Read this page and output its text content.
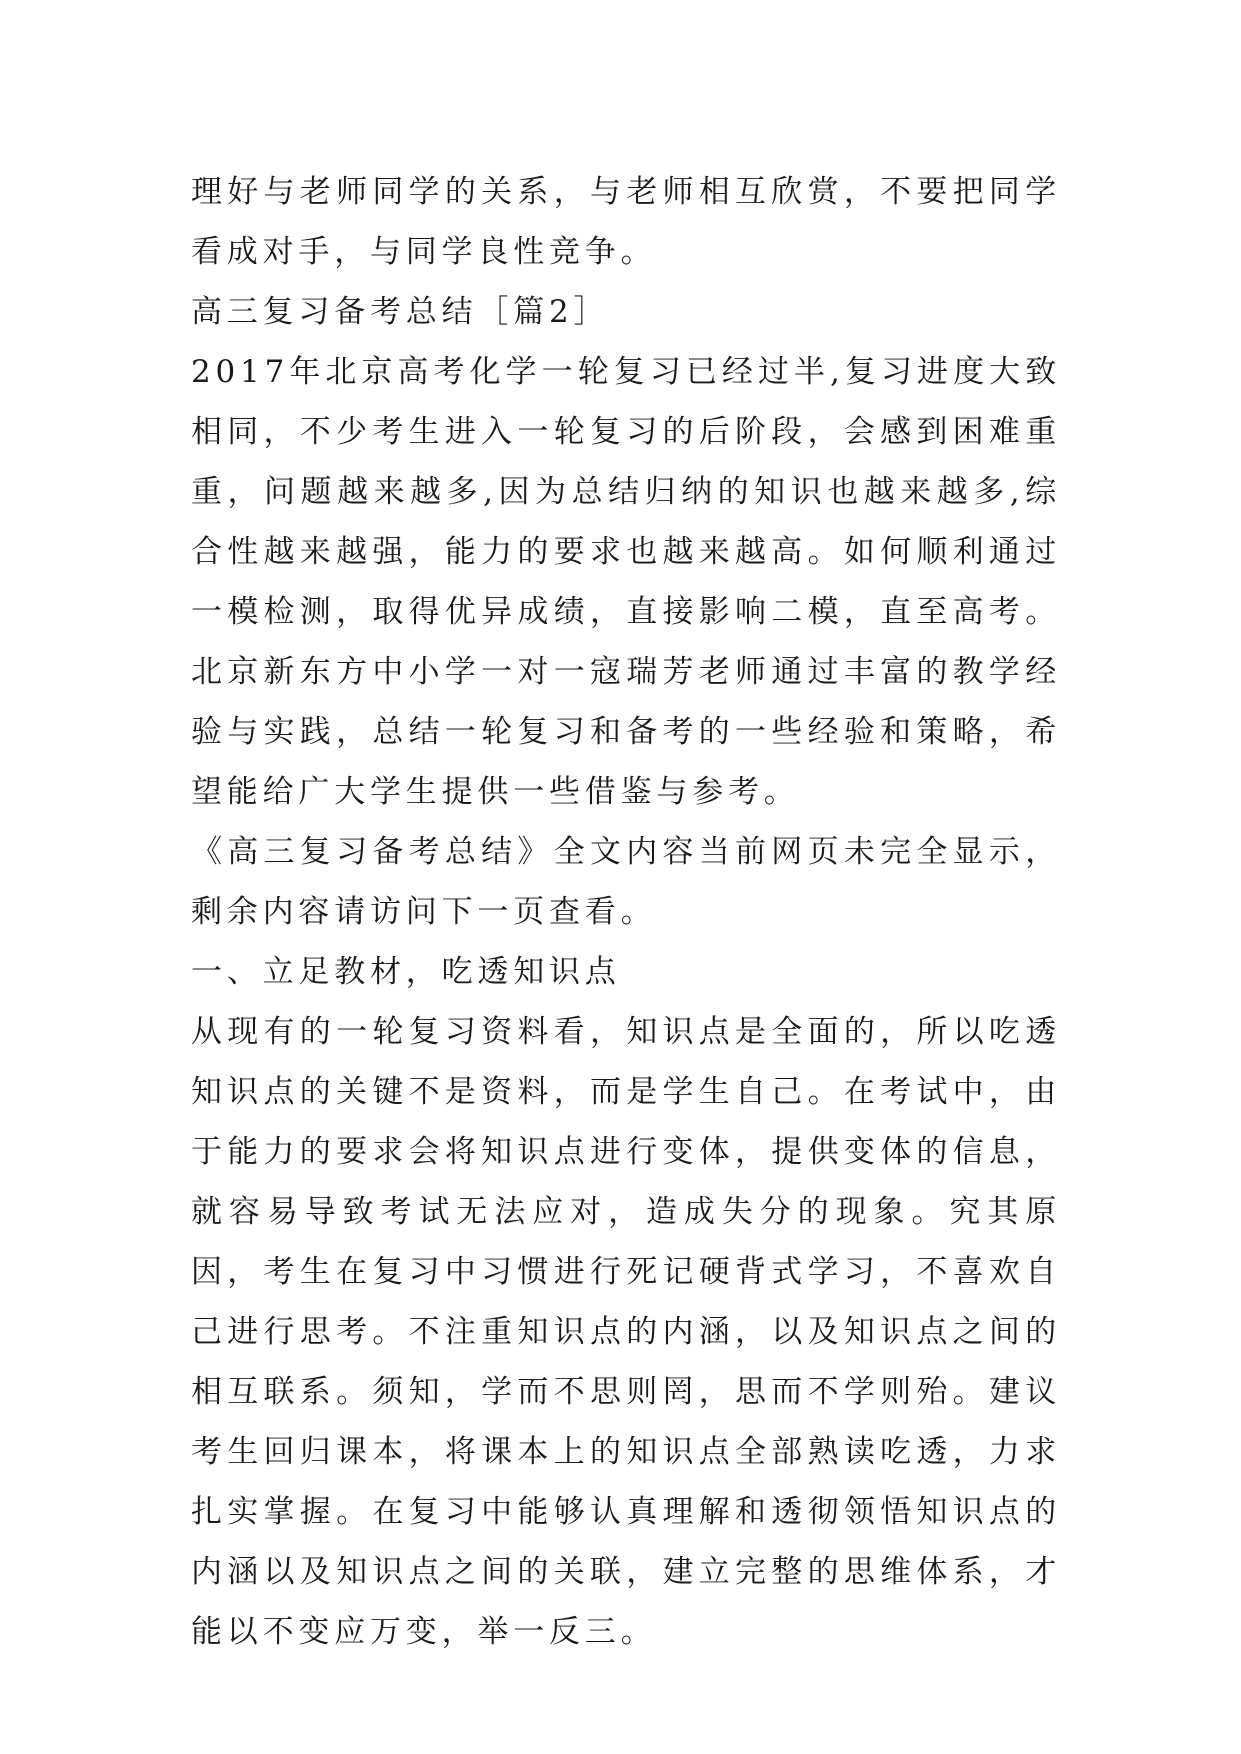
理好与老师同学的关系，与老师相互欣赏，不要把同学看成对手，与同学良性竞争。

高三复习备考总结［篇2］

2017年北京高考化学一轮复习已经过半,复习进度大致相同，不少考生进入一轮复习的后阶段，会感到困难重重，问题越来越多,因为总结归纳的知识也越来越多,综合性越来越强，能力的要求也越来越高。如何顺利通过一模检测，取得优异成绩，直接影响二模，直至高考。北京新东方中小学一对一寇瑞芳老师通过丰富的教学经验与实践，总结一轮复习和备考的一些经验和策略，希望能给广大学生提供一些借鉴与参考。

《高三复习备考总结》全文内容当前网页未完全显示，剩余内容请访问下一页查看。

一、立足教材，吃透知识点

从现有的一轮复习资料看，知识点是全面的，所以吃透知识点的关键不是资料，而是学生自己。在考试中，由于能力的要求会将知识点进行变体，提供变体的信息，就容易导致考试无法应对，造成失分的现象。究其原因，考生在复习中习惯进行死记硬背式学习，不喜欢自己进行思考。不注重知识点的内涵，以及知识点之间的相互联系。须知，学而不思则罔，思而不学则殆。建议考生回归课本，将课本上的知识点全部熟读吃透，力求扎实掌握。在复习中能够认真理解和透彻领悟知识点的内涵以及知识点之间的关联，建立完整的思维体系，才能以不变应万变，举一反三。
